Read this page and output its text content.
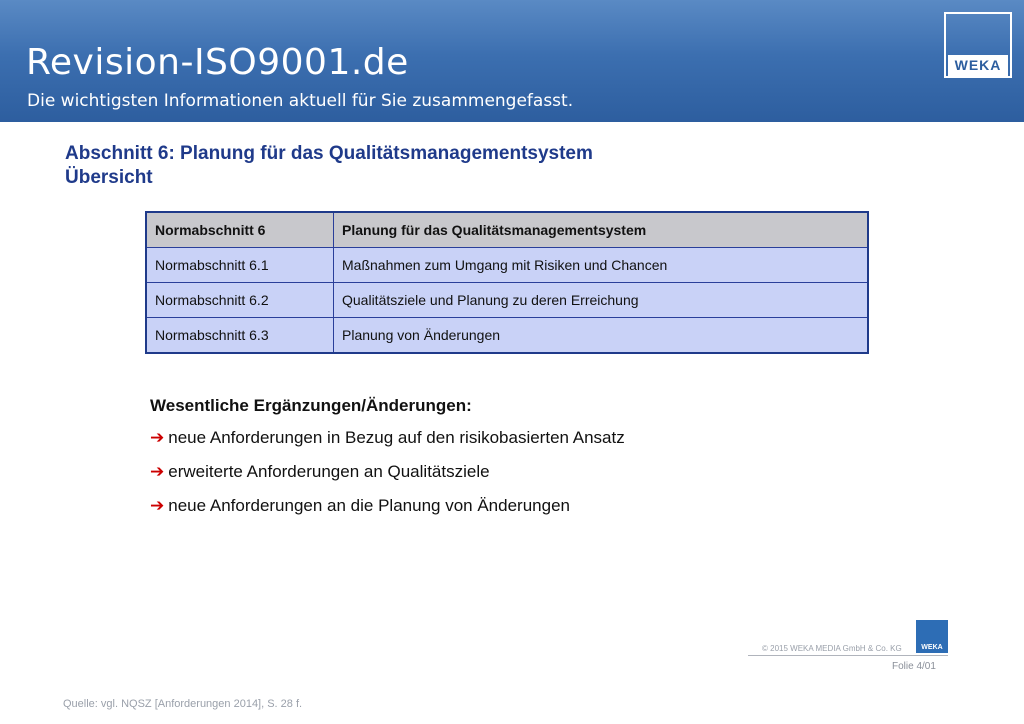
Revision-ISO9001.de
Die wichtigsten Informationen aktuell für Sie zusammengefasst.
WEKA
Abschnitt 6: Planung für das Qualitätsmanagementsystem
Übersicht
Normabschnitt 6	Planung für das Qualitätsmanagementsystem
Normabschnitt 6.1	Maßnahmen zum Umgang mit Risiken und Chancen
Normabschnitt 6.2	Qualitätsziele und Planung zu deren Erreichung
Normabschnitt 6.3	Planung von Änderungen
Wesentliche Ergänzungen/Änderungen:
➔ neue Anforderungen in Bezug auf den risikobasierten Ansatz
➔ erweiterte Anforderungen an Qualitätsziele
➔ neue Anforderungen an die Planung von Änderungen
WEKA
© 2015 WEKA MEDIA GmbH & Co. KG
Folie 4/01
Quelle: vgl. NQSZ [Anforderungen 2014], S. 28 f.
